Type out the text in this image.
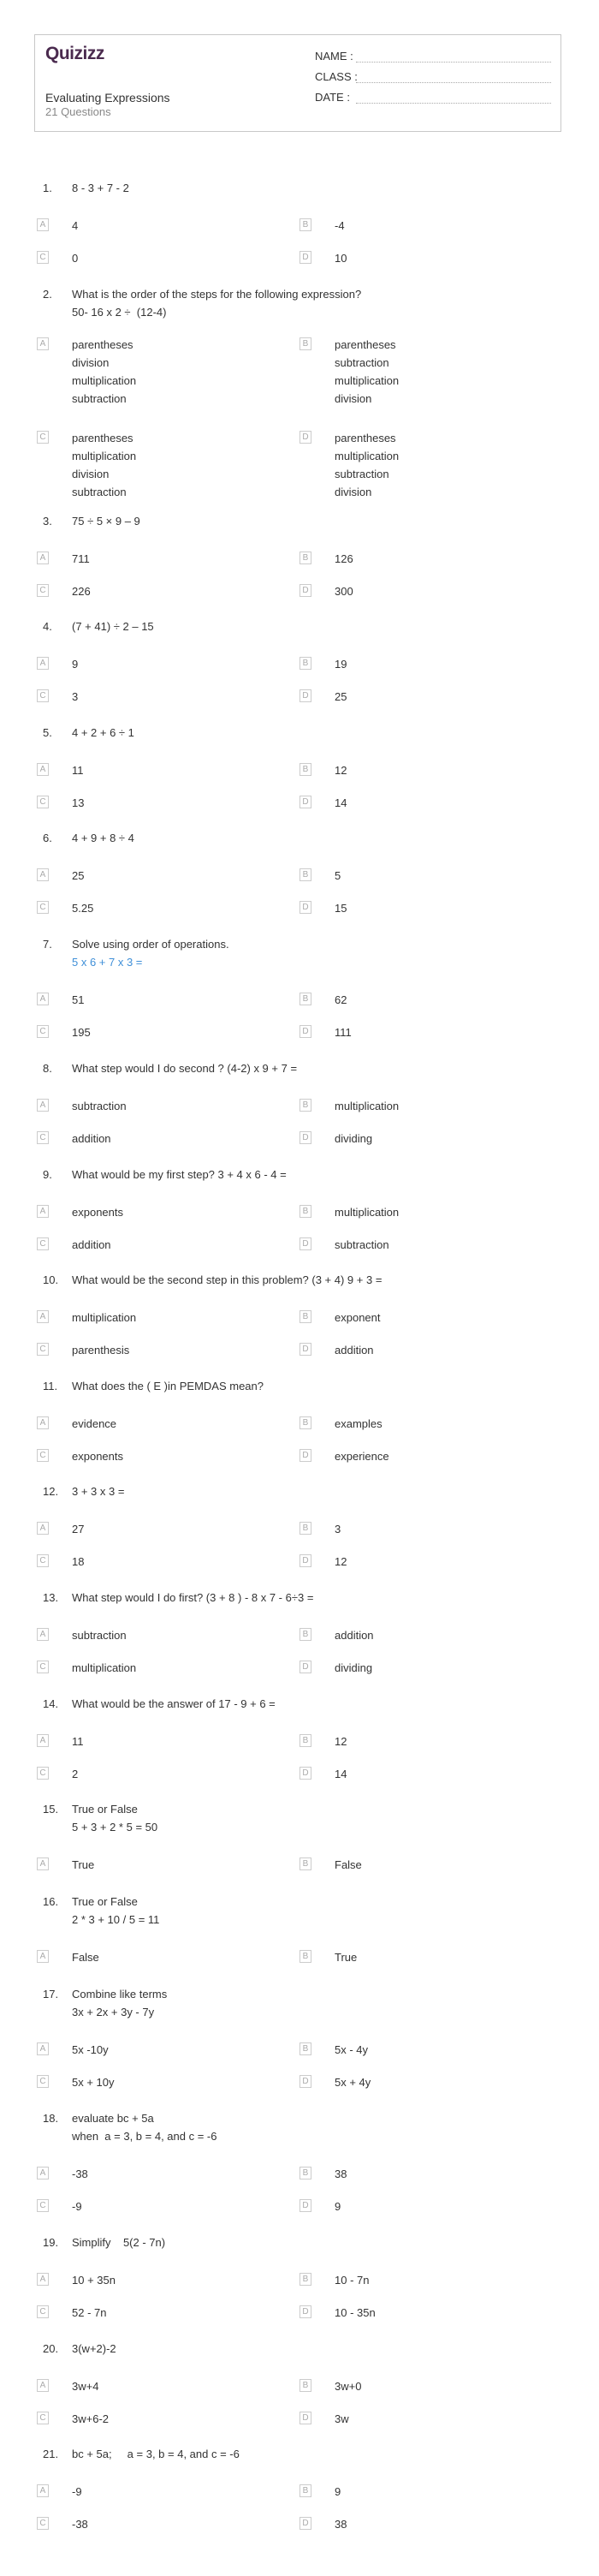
Quizizz
Evaluating Expressions
21 Questions
NAME :
CLASS :
DATE :
1. 8 - 3 + 7 - 2
A 4	B -4
C 0	D 10
2. What is the order of the steps for the following expression?
50- 16 x 2 ÷  (12-4)
A parentheses
division
multiplication
subtraction
B parentheses
subtraction
multiplication
division
C parentheses
multiplication
division
subtraction
D parentheses
multiplication
subtraction
division
3. 75 ÷ 5 × 9 – 9
A 711	B 126
C 226	D 300
4. (7 + 41) ÷ 2 – 15
A 9	B 19
C 3	D 25
5. 4 + 2 + 6 ÷ 1
A 11	B 12
C 13	D 14
6. 4 + 9 + 8 ÷ 4
A 25	B 5
C 5.25	D 15
7. Solve using order of operations.
5 x 6 + 7 x 3 =
A 51	B 62
C 195	D 111
8. What step would I do second ? (4-2) x 9 + 7 =
A subtraction	B multiplication
C addition	D dividing
9. What would be my first step? 3 + 4 x 6 - 4 =
A exponents	B multiplication
C addition	D subtraction
10. What would be the second step in this problem? (3 + 4) 9 + 3 =
A multiplication	B exponent
C parenthesis	D addition
11. What does the ( E )in PEMDAS mean?
A evidence	B examples
C exponents	D experience
12. 3 + 3 x 3 =
A 27	B 3
C 18	D 12
13. What step would I do first? (3 + 8 ) - 8 x 7 - 6÷3 =
A subtraction	B addition
C multiplication	D dividing
14. What would be the answer of 17 - 9 + 6 =
A 11	B 12
C 2	D 14
15. True or False
5 + 3 + 2 * 5 = 50
A True	B False
16. True or False
2 * 3 + 10 / 5 = 11
A False	B True
17. Combine like terms
3x + 2x + 3y - 7y
A 5x -10y	B 5x - 4y
C 5x + 10y	D 5x + 4y
18. evaluate bc + 5a
when  a = 3, b = 4, and c = -6
A -38	B 38
C -9	D 9
19. Simplify    5(2 - 7n)
A 10 + 35n	B 10 - 7n
C 52 - 7n	D 10 - 35n
20. 3(w+2)-2
A 3w+4	B 3w+0
C 3w+6-2	D 3w
21. bc + 5a;     a = 3, b = 4, and c = -6
A -9	B 9
C -38	D 38
